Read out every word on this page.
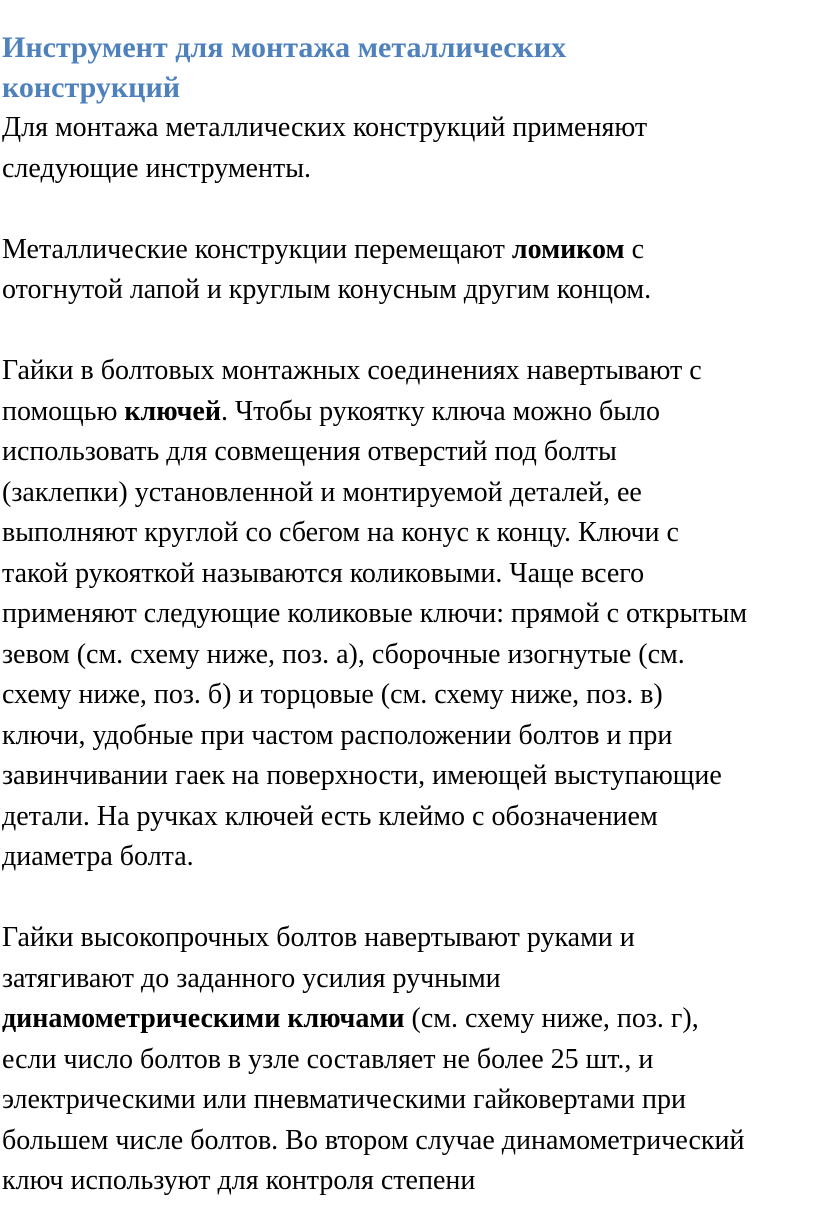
Инструмент для монтажа металлических
конструкций
Для монтажа металлических конструкций применяют
следующие инструменты.
Металлические конструкции перемещают ломиком с
отогнутой лапой и круглым конусным другим концом.
Гайки в болтовых монтажных соединениях навертывают с
помощью ключей. Чтобы рукоятку ключа можно было
использовать для совмещения отверстий под болты
(заклепки) установленной и монтируемой деталей, ее
выполняют круглой со сбегом на конус к концу. Ключи с
такой рукояткой называются коликовыми. Чаще всего
применяют следующие коликовые ключи: прямой с открытым
зевом (см. схему ниже, поз. а), сборочные изогнутые (см.
схему ниже, поз. б) и торцовые (см. схему ниже, поз. в)
ключи, удобные при частом расположении болтов и при
завинчивании гаек на поверхности, имеющей выступающие
детали. На ручках ключей есть клеймо с обозначением
диаметра болта.
Гайки высокопрочных болтов навертывают руками и
затягивают до заданного усилия ручными
динамометрическими ключами (см. схему ниже, поз. г),
если число болтов в узле составляет не более 25 шт., и
электрическими или пневматическими гайковертами при
большем числе болтов. Во втором случае динамометрический
ключ используют для контроля степени
